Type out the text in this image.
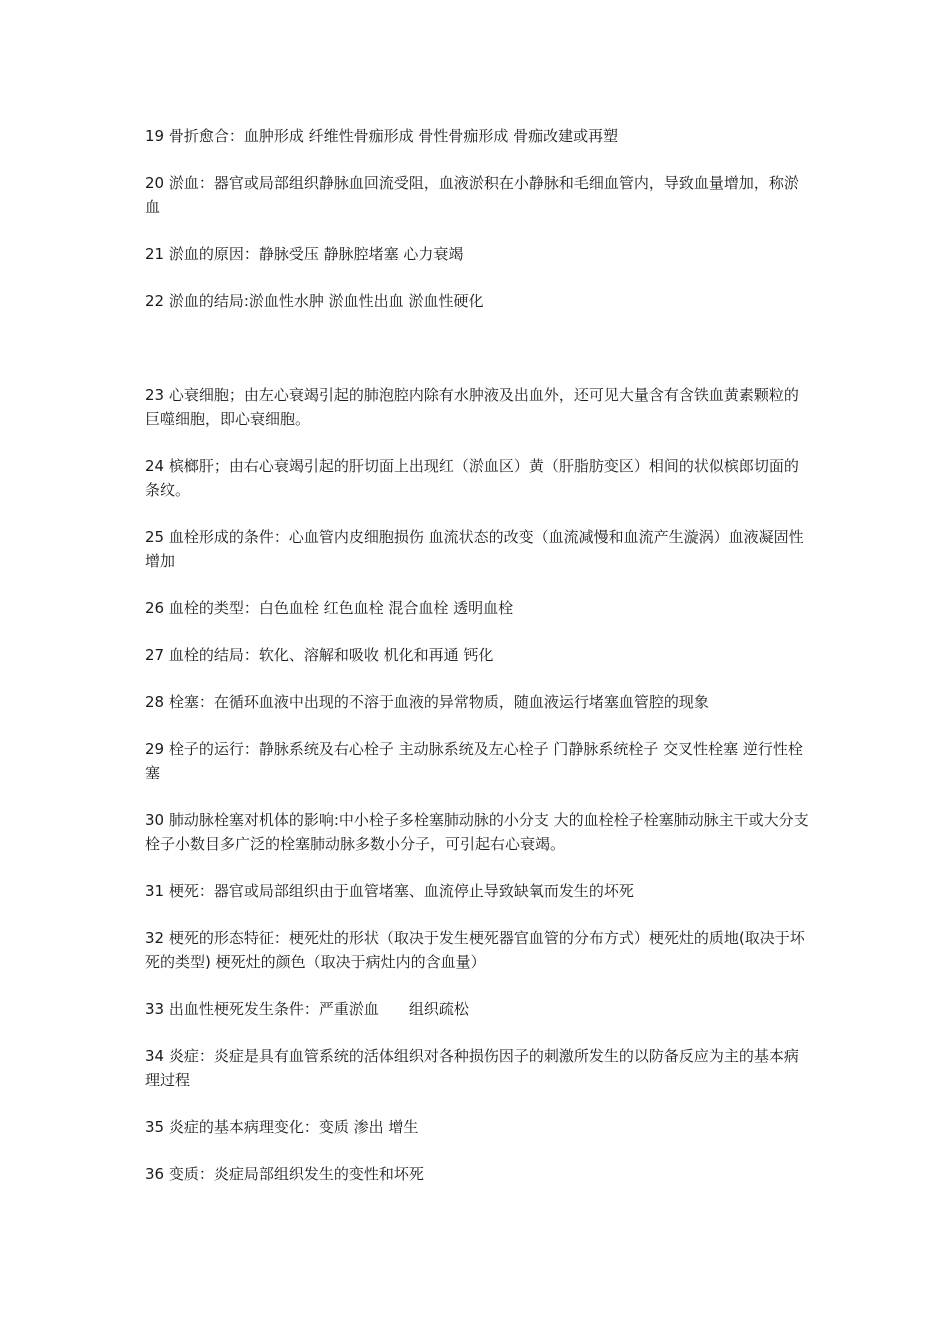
19 骨折愈合：血肿形成 纤维性骨痂形成 骨性骨痂形成 骨痂改建或再塑

20 淤血：器官或局部组织静脉血回流受阻，血液淤积在小静脉和毛细血管内，导致血量增加，称淤血

21 淤血的原因：静脉受压 静脉腔堵塞 心力衰竭

22 淤血的结局:淤血性水肿 淤血性出血 淤血性硬化

23 心衰细胞；由左心衰竭引起的肺泡腔内除有水肿液及出血外，还可见大量含有含铁血黄素颗粒的巨噬细胞，即心衰细胞。

24 槟榔肝；由右心衰竭引起的肝切面上出现红（淤血区）黄（肝脂肪变区）相间的状似槟郎切面的条纹。

25 血栓形成的条件：心血管内皮细胞损伤 血流状态的改变（血流减慢和血流产生漩涡）血液凝固性增加

26 血栓的类型：白色血栓 红色血栓 混合血栓 透明血栓

27 血栓的结局：软化、溶解和吸收 机化和再通 钙化

28 栓塞：在循环血液中出现的不溶于血液的异常物质，随血液运行堵塞血管腔的现象

29 栓子的运行：静脉系统及右心栓子 主动脉系统及左心栓子 门静脉系统栓子 交叉性栓塞 逆行性栓塞

30 肺动脉栓塞对机体的影响:中小栓子多栓塞肺动脉的小分支 大的血栓栓子栓塞肺动脉主干或大分支 栓子小数目多广泛的栓塞肺动脉多数小分子，可引起右心衰竭。

31 梗死：器官或局部组织由于血管堵塞、血流停止导致缺氧而发生的坏死

32 梗死的形态特征：梗死灶的形状（取决于发生梗死器官血管的分布方式）梗死灶的质地(取决于坏死的类型) 梗死灶的颜色（取决于病灶内的含血量）

33 出血性梗死发生条件：严重淤血　　组织疏松

34 炎症：炎症是具有血管系统的活体组织对各种损伤因子的刺激所发生的以防备反应为主的基本病理过程

35 炎症的基本病理变化：变质 渗出 增生

36 变质：炎症局部组织发生的变性和坏死
